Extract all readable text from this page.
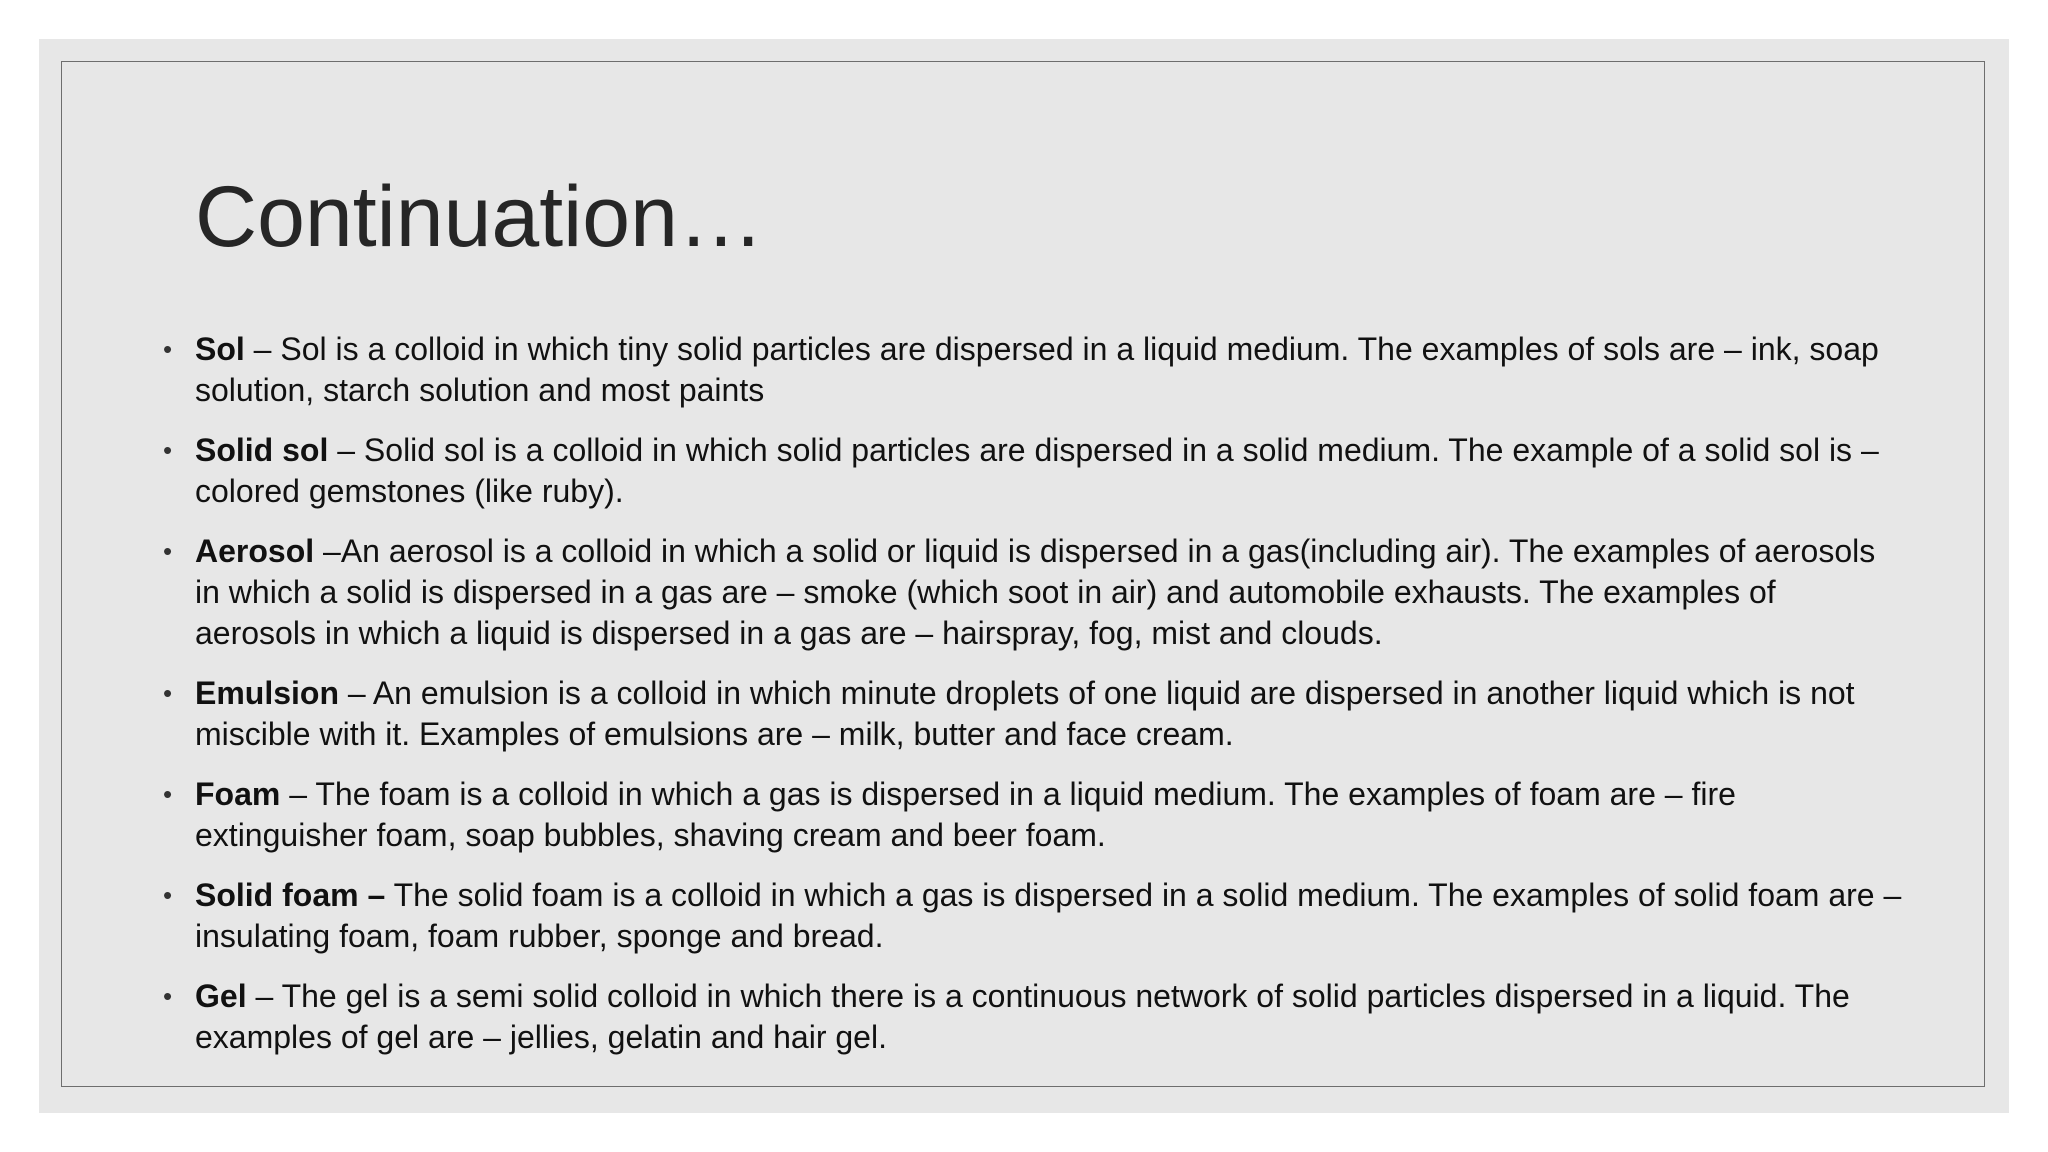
Continuation…
• Sol – Sol is a colloid in which tiny solid particles are dispersed in a liquid medium. The examples of sols are – ink, soap solution, starch solution and most paints
• Solid sol – Solid sol is a colloid in which solid particles are dispersed in a solid medium. The example of a solid sol is – colored gemstones (like ruby).
• Aerosol –An aerosol is a colloid in which a solid or liquid is dispersed in a gas(including air). The examples of aerosols in which a solid is dispersed in a gas are – smoke (which soot in air) and automobile exhausts. The examples of aerosols in which a liquid is dispersed in a gas are – hairspray, fog, mist and clouds.
• Emulsion – An emulsion is a colloid in which minute droplets of one liquid are dispersed in another liquid which is not miscible with it. Examples of emulsions are – milk, butter and face cream.
• Foam – The foam is a colloid in which a gas is dispersed in a liquid medium. The examples of foam are – fire extinguisher foam, soap bubbles, shaving cream and beer foam.
• Solid foam – The solid foam is a colloid in which a gas is dispersed in a solid medium. The examples of solid foam are – insulating foam, foam rubber, sponge and bread.
• Gel – The gel is a semi solid colloid in which there is a continuous network of solid particles dispersed in a liquid. The examples of gel are – jellies, gelatin and hair gel.
